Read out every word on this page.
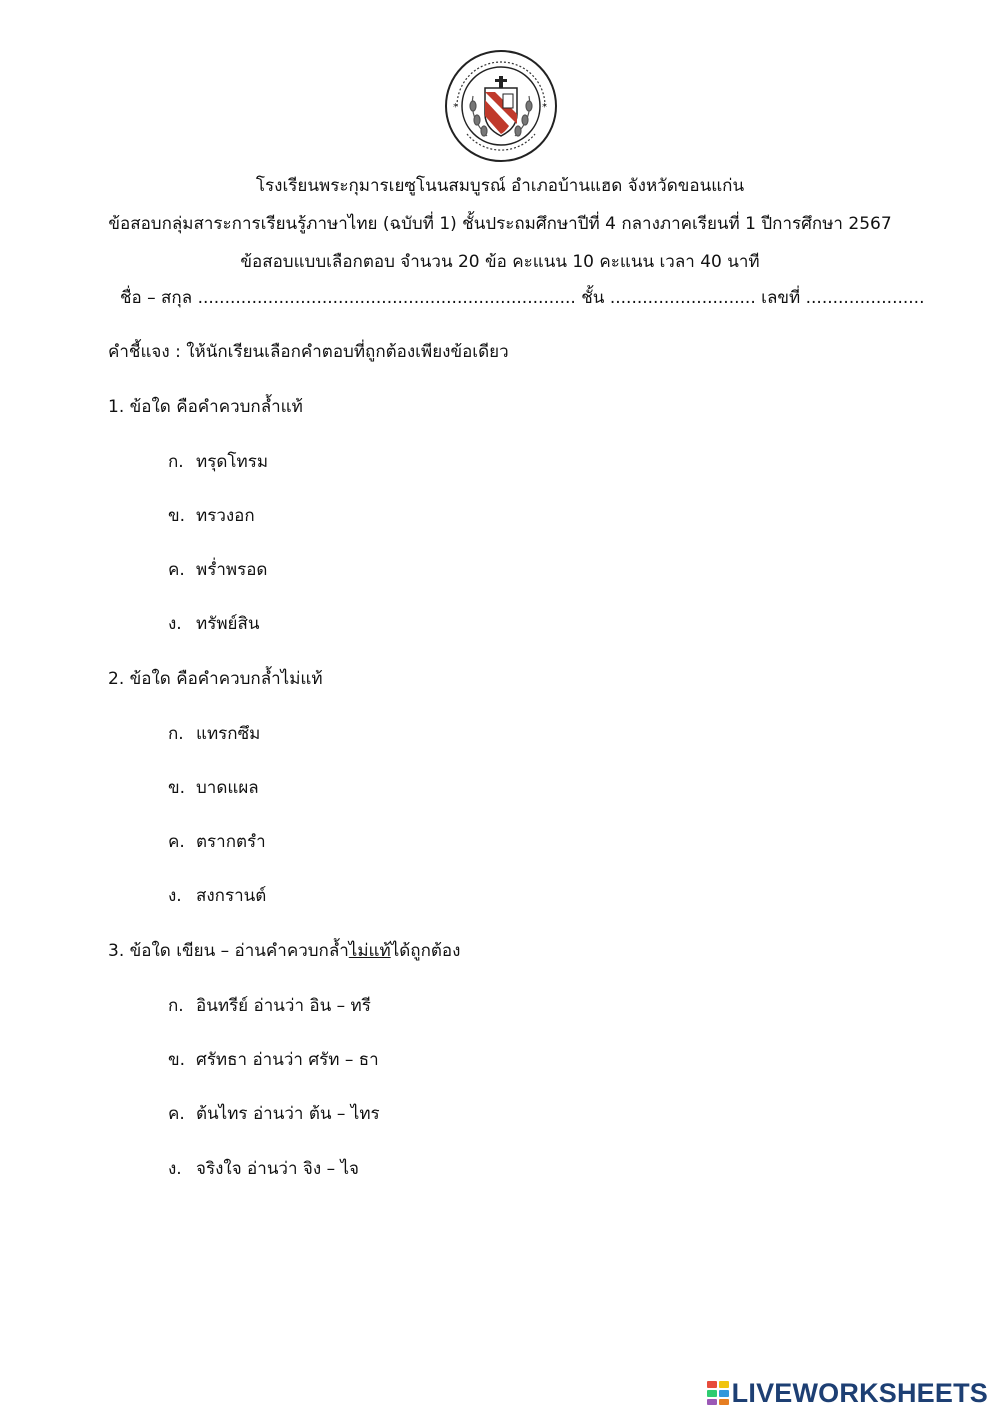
*	*
โรงเรียนพระกุมารเยซูโนนสมบูรณ์ อำเภอบ้านแฮด จังหวัดขอนแก่น
ข้อสอบกลุ่มสาระการเรียนรู้ภาษาไทย (ฉบับที่ 1) ชั้นประถมศึกษาปีที่ 4 กลางภาคเรียนที่ 1 ปีการศึกษา 2567
ข้อสอบแบบเลือกตอบ จำนวน 20 ข้อ คะแนน 10 คะแนน เวลา 40 นาที
ชื่อ – สกุล ...................................................................... ชั้น ........................... เลขที่ ......................
คำชี้แจง : ให้นักเรียนเลือกคำตอบที่ถูกต้องเพียงข้อเดียว
1. ข้อใด คือคำควบกล้ำแท้
ก. ทรุดโทรม
ข. ทรวงอก
ค. พร่ำพรอด
ง. ทรัพย์สิน
2. ข้อใด คือคำควบกล้ำไม่แท้
ก. แทรกซึม
ข. บาดแผล
ค. ตรากตรำ
ง. สงกรานต์
3. ข้อใด เขียน – อ่านคำควบกล้ำไม่แท้ได้ถูกต้อง
ก. อินทรีย์ อ่านว่า อิน – ทรี
ข. ศรัทธา อ่านว่า ศรัท – ธา
ค. ต้นไทร อ่านว่า ต้น – ไทร
ง. จริงใจ อ่านว่า จิง – ไจ
LIVEWORKSHEETS
